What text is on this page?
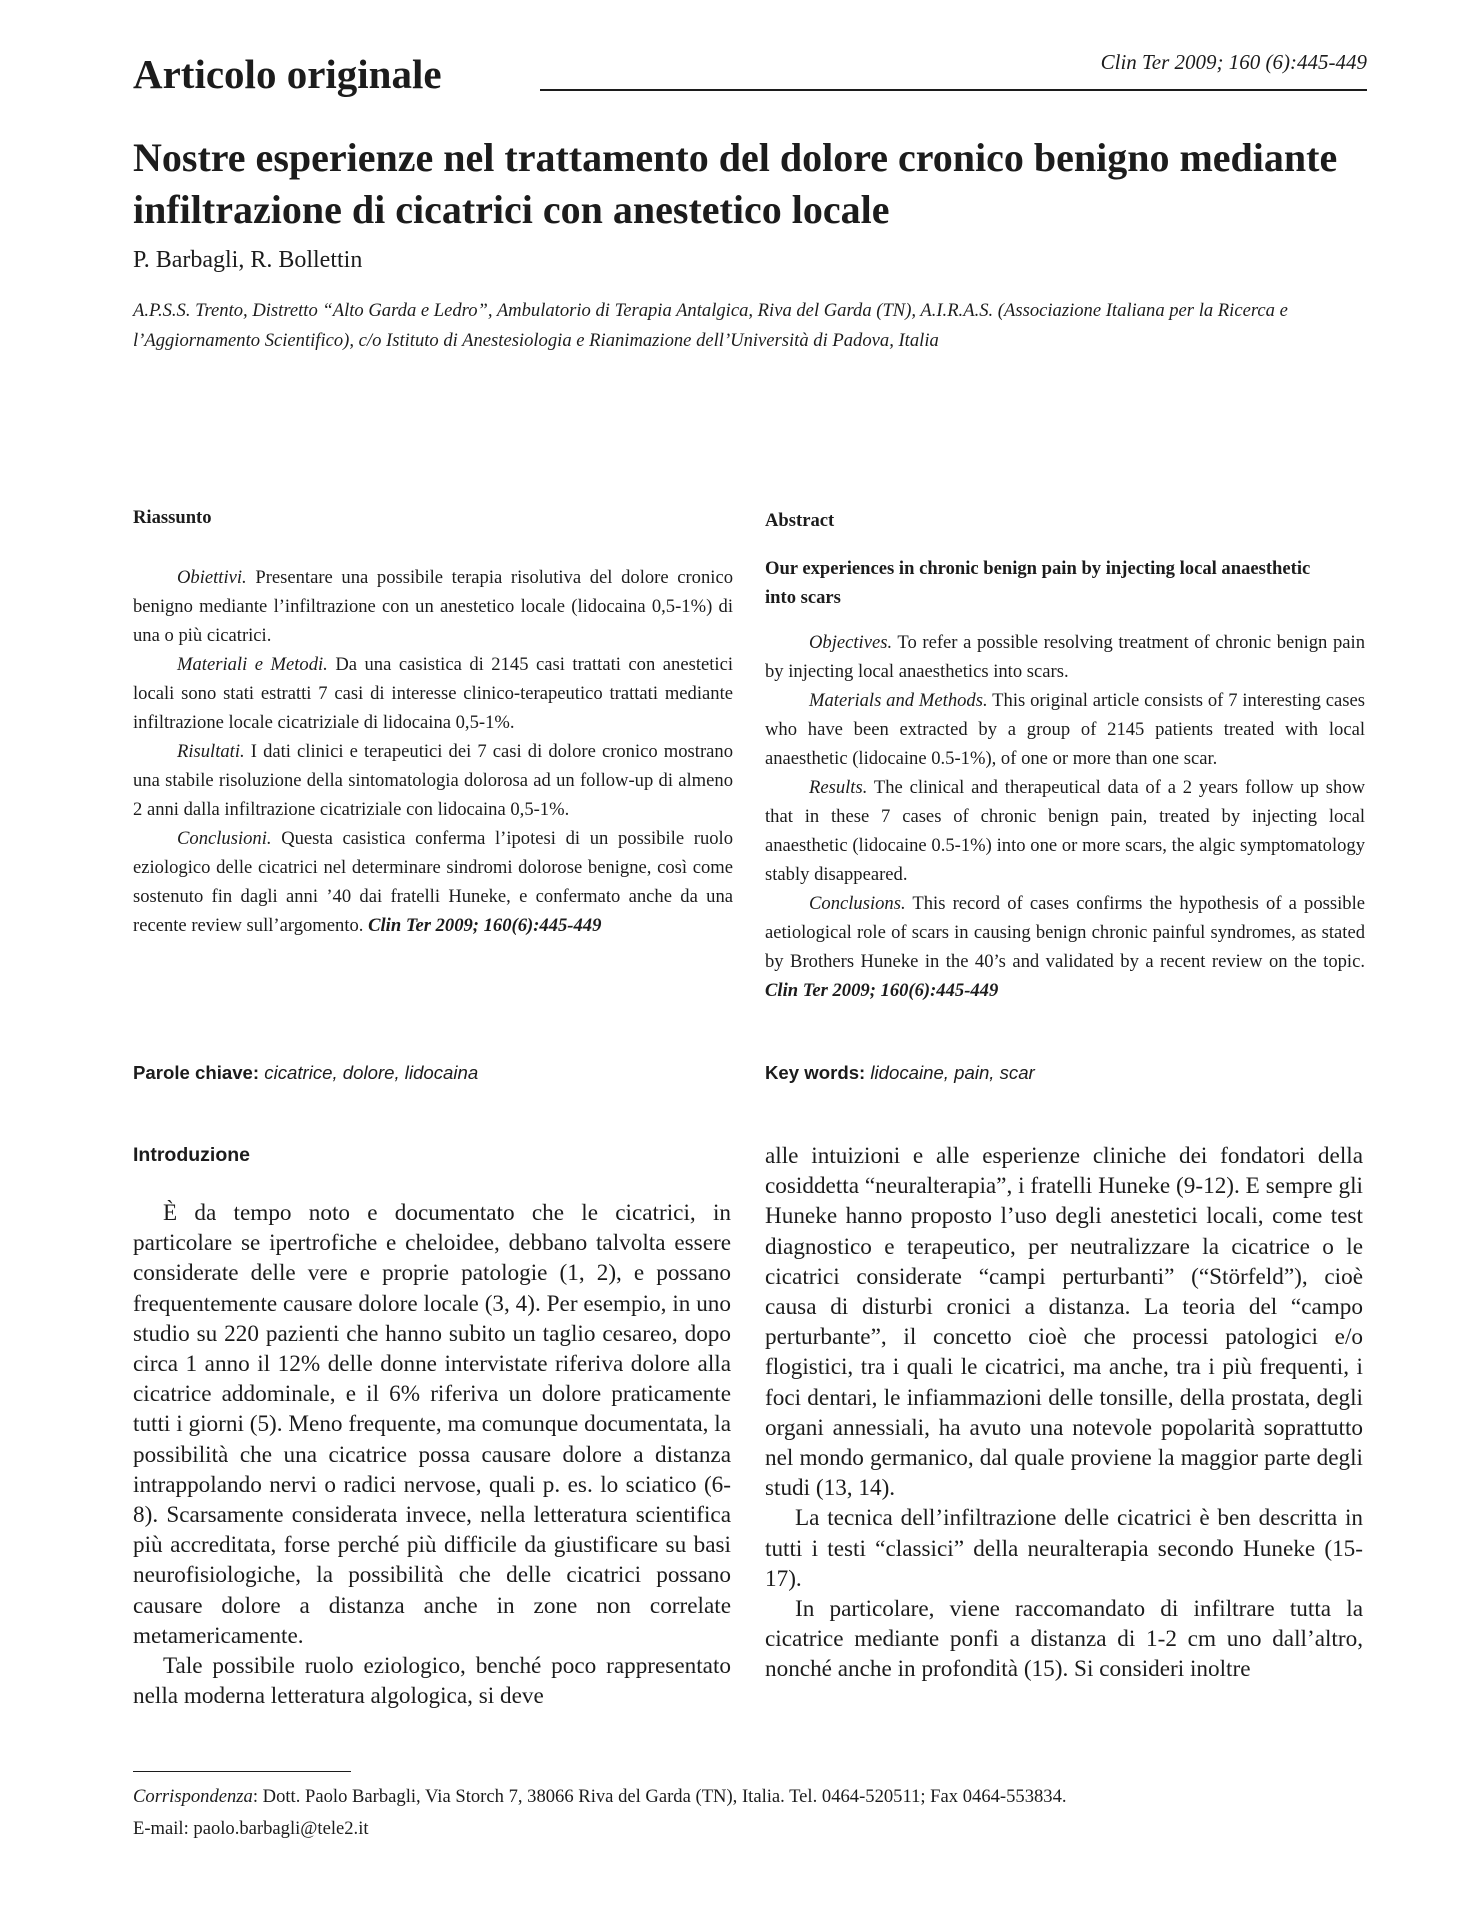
Articolo originale	Clin Ter 2009; 160 (6):445-449
Nostre esperienze nel trattamento del dolore cronico benigno mediante infiltrazione di cicatrici con anestetico locale
P. Barbagli, R. Bollettin
A.P.S.S. Trento, Distretto “Alto Garda e Ledro”, Ambulatorio di Terapia Antalgica, Riva del Garda (TN), A.I.R.A.S. (Associazione Italiana per la Ricerca e l’Aggiornamento Scientifico), c/o Istituto di Anestesiologia e Rianimazione dell’Università di Padova, Italia
Riassunto

Obiettivi. Presentare una possibile terapia risolutiva del dolore cronico benigno mediante l’infiltrazione con un anestetico locale (lidocaina 0,5-1%) di una o più cicatrici.

Materiali e Metodi. Da una casistica di 2145 casi trattati con anestetici locali sono stati estratti 7 casi di interesse clinico-terapeutico trattati mediante infiltrazione locale cicatriziale di lidocaina 0,5-1%.

Risultati. I dati clinici e terapeutici dei 7 casi di dolore cronico mostrano una stabile risoluzione della sintomatologia dolorosa ad un follow-up di almeno 2 anni dalla infiltrazione cicatriziale con lidocaina 0,5-1%.

Conclusioni. Questa casistica conferma l’ipotesi di un possibile ruolo eziologico delle cicatrici nel determinare sindromi dolorose benigne, così come sostenuto fin dagli anni ’40 dai fratelli Huneke, e confermato anche da una recente review sull’argomento. Clin Ter 2009; 160(6):445-449

Parole chiave: cicatrice, dolore, lidocaina
Abstract
Our experiences in chronic benign pain by injecting local anaesthetic into scars

Objectives. To refer a possible resolving treatment of chronic benign pain by injecting local anaesthetics into scars.

Materials and Methods. This original article consists of 7 interesting cases who have been extracted by a group of 2145 patients treated with local anaesthetic (lidocaine 0.5-1%), of one or more than one scar.

Results. The clinical and therapeutical data of a 2 years follow up show that in these 7 cases of chronic benign pain, treated by injecting local anaesthetic (lidocaine 0.5-1%) into one or more scars, the algic symptomatology stably disappeared.

Conclusions. This record of cases confirms the hypothesis of a possible aetiological role of scars in causing benign chronic painful syndromes, as stated by Brothers Huneke in the 40’s and validated by a recent review on the topic. Clin Ter 2009; 160(6):445-449

Key words: lidocaine, pain, scar
Introduzione

È da tempo noto e documentato che le cicatrici, in particolare se ipertrofiche e cheloidee, debbano talvolta essere considerate delle vere e proprie patologie (1, 2), e possano frequentemente causare dolore locale (3, 4). Per esempio, in uno studio su 220 pazienti che hanno subito un taglio cesareo, dopo circa 1 anno il 12% delle donne intervistate riferiva dolore alla cicatrice addominale, e il 6% riferiva un dolore praticamente tutti i giorni (5). Meno frequente, ma comunque documentata, la possibilità che una cicatrice possa causare dolore a distanza intrappolando nervi o radici nervose, quali p. es. lo sciatico (6-8). Scarsamente considerata invece, nella letteratura scientifica più accreditata, forse perché più difficile da giustificare su basi neurofisiologiche, la possibilità che delle cicatrici possano causare dolore a distanza anche in zone non correlate metamericamente.

Tale possibile ruolo eziologico, benché poco rappresentato nella moderna letteratura algologica, si deve

alle intuizioni e alle esperienze cliniche dei fondatori della cosiddetta “neuralterapia”, i fratelli Huneke (9-12). E sempre gli Huneke hanno proposto l’uso degli anestetici locali, come test diagnostico e terapeutico, per neutralizzare la cicatrice o le cicatrici considerate “campi perturbanti” (“Störfeld”), cioè causa di disturbi cronici a distanza. La teoria del “campo perturbante”, il concetto cioè che processi patologici e/o flogistici, tra i quali le cicatrici, ma anche, tra i più frequenti, i foci dentari, le infiammazioni delle tonsille, della prostata, degli organi annessiali, ha avuto una notevole popolarità soprattutto nel mondo germanico, dal quale proviene la maggior parte degli studi (13, 14).

La tecnica dell’infiltrazione delle cicatrici è ben descritta in tutti i testi “classici” della neuralterapia secondo Huneke (15-17).

In particolare, viene raccomandato di infiltrare tutta la cicatrice mediante ponfi a distanza di 1-2 cm uno dall’altro, nonché anche in profondità (15). Si consideri inoltre

Corrispondenza: Dott. Paolo Barbagli, Via Storch 7, 38066 Riva del Garda (TN), Italia. Tel. 0464-520511; Fax 0464-553834.
E-mail: paolo.barbagli@tele2.it
